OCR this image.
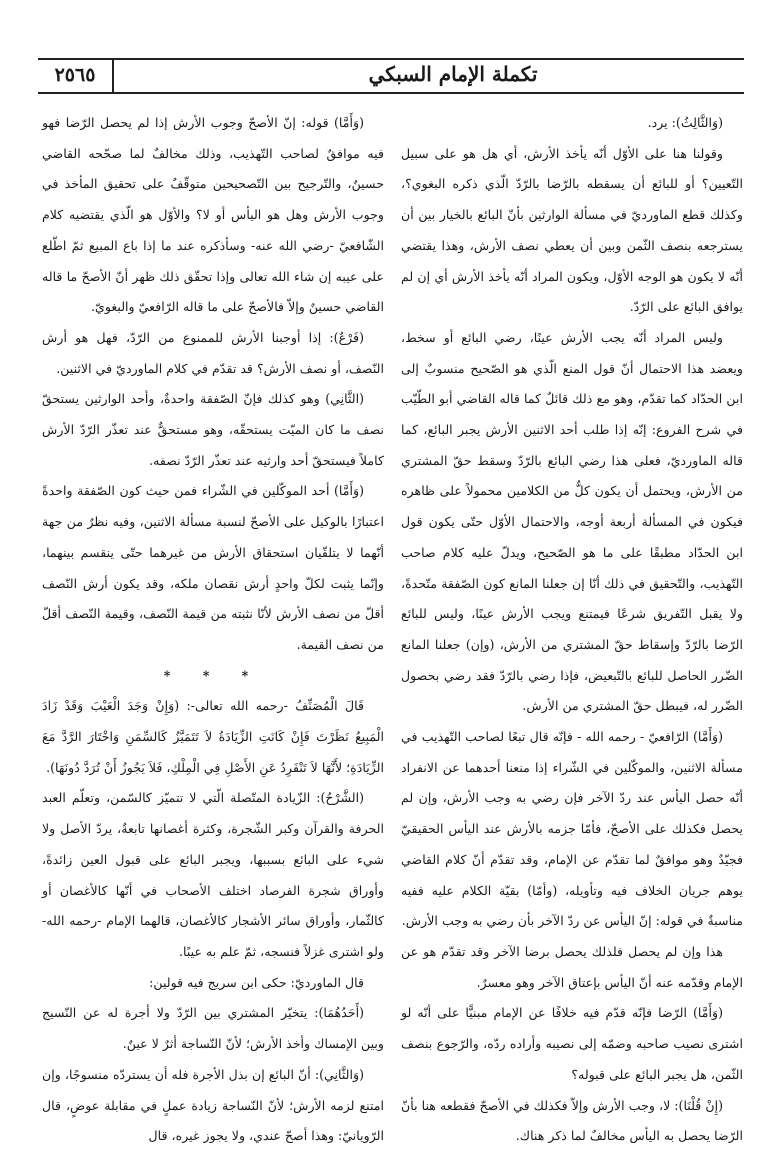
تكملة الإمام السبكي
٢٥٦٥

(وَالثَّالِثُ): يرد.

وقولنا هنا على الأوّل أنّه يأخذ الأرش، أي هل هو على سبيل التّعيين؟ أو للبائع أن يسقطه بالرّضا بالرّدّ الّذي ذكره البغوي؟، وكذلك قطع الماورديّ في مسألة الوارثين بأنّ البائع بالخيار بين أن يسترجعه بنصف الثّمن وبين أن يعطي نصف الأرش، وهذا يقتضي أنّه لا يكون هو الوجه الأوّل، ويكون المراد أنّه يأخذ الأرش أي إن لم يوافق البائع على الرّدّ.

وليس المراد أنّه يجب الأرش عينًا، رضي البائع أو سخط، ويعضد هذا الاحتمال أنّ قول المنع الّذي هو الصّحيح منسوبٌ إلى ابن الحدّاد كما تقدّم، وهو مع ذلك قائلٌ كما قاله القاضي أبو الطّيّب في شرح الفروع: إنّه إذا طلب أحد الاثنين الأرش يجبر البائع، كما قاله الماورديّ، فعلى هذا رضي البائع بالرّدّ وسقط حقّ المشتري من الأرش، ويحتمل أن يكون كلٌّ من الكلامين محمولاً على ظاهره فيكون في المسألة أربعة أوجه، والاحتمال الأوّل حتّى يكون قول ابن الحدّاد مطبقًا على ما هو الصّحيح، ويدلّ عليه كلام صاحب التّهذيب، والتّحقيق في ذلك أنّا إن جعلنا المانع كون الصّفقة متّحدةً، ولا يقبل التّفريق شرعًا فيمتنع ويجب الأرش عينًا، وليس للبائع الرّضا بالرّدّ وإسقاط حقّ المشتري من الأرش، (وإن) جعلنا المانع الضّرر الحاصل للبائع بالتّبعيض، فإذا رضي بالرّدّ فقد رضي بحصول الضّرر له، فيبطل حقّ المشتري من الأرش.

(وَأَمَّا) الرّافعيّ - رحمه الله - فإنّه قال تبعًا لصاحب التّهذيب في مسألة الاثنين، والموكّلين في الشّراء إذا منعنا أحدهما عن الانفراد أنّه حصل اليأس عند ردّ الآخر فإن رضي به وجب الأرش، وإن لم يحصل فكذلك على الأصحّ، فأمّا جزمه بالأرش عند اليأس الحقيقيّ فجيّدٌ وهو موافقٌ لما تقدّم عن الإمام، وقد تقدّم أنّ كلام القاضي يوهم جريان الخلاف فيه وتأويله، (وأمّا) بقيّة الكلام عليه ففيه مناسبةٌ في قوله: إنّ اليأس عن ردّ الآخر بأن رضي به وجب الأرش.

هذا وإن لم يحصل فلذلك يحصل برضا الآخر وقد تقدّم هو عن الإمام وقدّمه عنه أنّ اليأس بإعتاق الآخر وهو معسرٌ.

(وَأَمَّا) الرّضا فإنّه قدّم فيه خلافًا عن الإمام مبنيًّا على أنّه لو اشترى نصيب صاحبه وضمّه إلى نصيبه وأراده ردّه، والرّجوع بنصف الثّمن، هل يجبر البائع على قبوله؟

(إِنْ قُلْنَا): لا، وجب الأرش وإلاّ فكذلك في الأصحّ فقطعه هنا بأنّ الرّضا يحصل به اليأس مخالفٌ لما ذكر هناك.

(وَأَمَّا) قوله: إنّ الأصحّ وجوب الأرش إذا لم يحصل الرّضا فهو فيه موافقٌ لصاحب التّهذيب، وذلك مخالفٌ لما صحّحه القاضي حسينٌ، والتّرجيح بين التّصحيحين متوقّفٌ على تحقيق المأخذ في وجوب الأرش وهل هو اليأس أو لا؟ والأوّل هو الّذي يقتضيه كلام الشّافعيّ -رضي الله عنه- وسأذكره عند ما إذا باع المبيع ثمّ اطّلع على عيبه إن شاء الله تعالى وإذا تحقّق ذلك ظهر أنّ الأصحّ ما قاله القاضي حسينٌ وإلاّ فالأصحّ على ما قاله الرّافعيّ والبغويّ.

(فَرْعٌ): إذا أوجبنا الأرش للممنوع من الرّدّ، فهل هو أرش النّصف، أو نصف الأرش؟ قد تقدّم في كلام الماورديّ في الاثنين.

(الثَّانِي) وهو كذلك فإنّ الصّفقة واحدةٌ، وأحد الوارثين يستحقّ نصف ما كان الميّت يستحقّه، وهو مستحقٌّ عند تعذّر الرّدّ الأرش كاملاً فيستحقّ أحد وارثيه عند تعذّر الرّدّ نصفه.

(وَأَمَّا) أحد الموكّلين في الشّراء فمن حيث كون الصّفقة واحدةً اعتبارًا بالوكيل على الأصحّ لنسبة مسألة الاثنين، وفيه نظرٌ من جهة أنّهما لا يتلقّيان استحقاق الأرش من غيرهما حتّى ينقسم بينهما، وإنّما يثبت لكلّ واحدٍ أرش نقصان ملكه، وقد يكون أرش النّصف أقلّ من نصف الأرش لأنّا نثبته من قيمة النّصف، وقيمة النّصف أقلّ من نصف القيمة.

* * *

قَالَ الْمُصَنِّفُ -رحمه الله تعالى-: (وَإِنْ وَجَدَ الْعَيْبَ وَقَدْ زَادَ الْمَبِيعُ نَظَرْتَ فَإِنْ كَانَتِ الزِّيَادَةُ لاَ تَتَمَيَّزُ كَالسِّمَنِ وَاخْتَارَ الرَّدَّ مَعَ الزِّيَادَةِ؛ لأَنَّهَا لاَ تَنْفَرِدُ عَنِ الأَصْلِ فِي الْمِلْكِ، فَلاَ يَجُوزُ أَنْ تُرَدَّ دُونَهَا).

(الشَّرْحُ): الزّيادة المتّصلة الّتي لا تتميّز كالسّمن، وتعلّم العبد الحرفة والقرآن وكبر الشّجرة، وكثرة أغصانها تابعةٌ، يردّ الأصل ولا شيء على البائع بسببها، ويجبر البائع على قبول العين زائدةً، وأوراق شجرة الفرصاد اختلف الأصحاب في أنّها كالأغصان أو كالثّمار، وأوراق سائر الأشجار كالأغصان، قالهما الإمام -رحمه الله- ولو اشترى غزلاً فنسجه، ثمّ علم به عيبًا.

قال الماورديّ: حكى ابن سريج فيه قولين:

(أَحَدُهُمَا): يتخيّر المشتري بين الرّدّ ولا أجرة له عن النّسيج وبين الإمساك وأخذ الأرش؛ لأنّ النّساجة أثرٌ لا عينٌ.

(وَالثَّانِي): أنّ البائع إن بذل الأجرة فله أن يستردّه منسوجًا، وإن امتنع لزمه الأرش؛ لأنّ النّساجة زيادة عملٍ في مقابلة عوضٍ، قال الرّويانيّ: وهذا أصحّ عندي، ولا يجوز غيره، قال
